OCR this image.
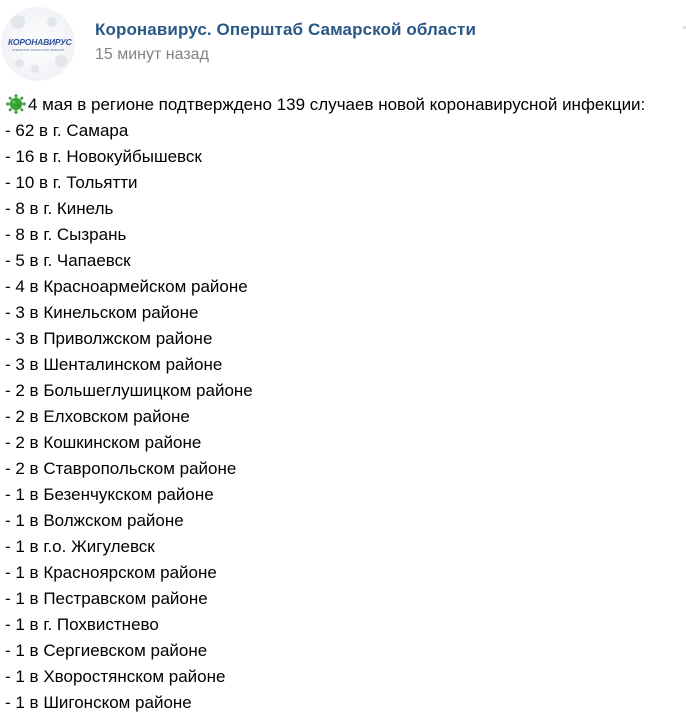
КОРОНАВИРУС
ОПЕРШТАБ САМАРСКОЙ ОБЛАСТИ
Коронавирус. Оперштаб Самарской области
15 минут назад
4 мая в регионе подтверждено 139 случаев новой коронавирусной инфекции:
- 62 в г. Самара
- 16 в г. Новокуйбышевск
- 10 в г. Тольятти
- 8 в г. Кинель
- 8 в г. Сызрань
- 5 в г. Чапаевск
- 4 в Красноармейском районе
- 3 в Кинельском районе
- 3 в Приволжском районе
- 3 в Шенталинском районе
- 2 в Большеглушицком районе
- 2 в Елховском районе
- 2 в Кошкинском районе
- 2 в Ставропольском районе
- 1 в Безенчукском районе
- 1 в Волжском районе
- 1 в г.о. Жигулевск
- 1 в Красноярском районе
- 1 в Пестравском районе
- 1 в г. Похвистнево
- 1 в Сергиевском районе
- 1 в Хворостянском районе
- 1 в Шигонском районе
